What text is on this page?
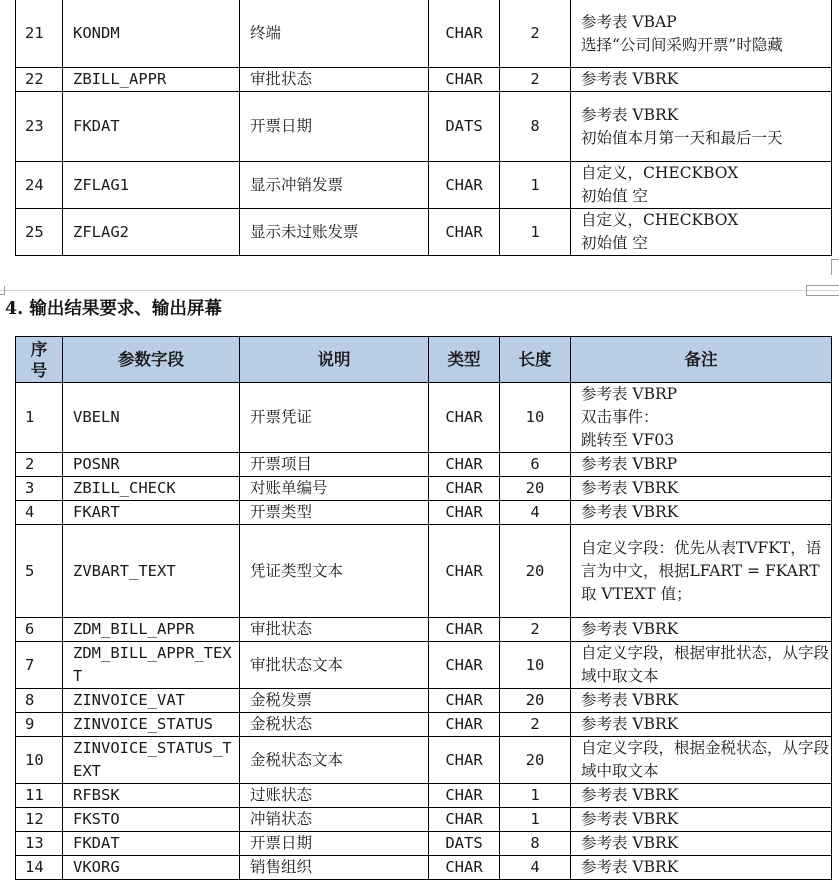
21	KONDM	终端	CHAR	2	参考表 VBAP
选择“公司间采购开票”时隐藏
22	ZBILL_APPR	审批状态	CHAR	2	参考表 VBRK
23	FKDAT	开票日期	DATS	8	参考表 VBRK
初始值本月第一天和最后一天
24	ZFLAG1	显示冲销发票	CHAR	1	自定义，CHECKBOX
初始值 空
25	ZFLAG2	显示未过账发票	CHAR	1	自定义，CHECKBOX
初始值 空
4. 输出结果要求、输出屏幕
序号	参数字段	说明	类型	长度	备注
1	VBELN	开票凭证	CHAR	10	参考表 VBRP
双击事件：
跳转至 VF03
2	POSNR	开票项目	CHAR	6	参考表 VBRP
3	ZBILL_CHECK	对账单编号	CHAR	20	参考表 VBRK
4	FKART	开票类型	CHAR	4	参考表 VBRK
5	ZVBART_TEXT	凭证类型文本	CHAR	20	自定义字段：优先从表TVFKT，语言为中文，根据LFART = FKART 取 VTEXT 值；
6	ZDM_BILL_APPR	审批状态	CHAR	2	参考表 VBRK
7	ZDM_BILL_APPR_TEXT	审批状态文本	CHAR	10	自定义字段，根据审批状态，从字段域中取文本
8	ZINVOICE_VAT	金税发票	CHAR	20	参考表 VBRK
9	ZINVOICE_STATUS	金税状态	CHAR	2	参考表 VBRK
10	ZINVOICE_STATUS_TEXT	金税状态文本	CHAR	20	自定义字段，根据金税状态，从字段域中取文本
11	RFBSK	过账状态	CHAR	1	参考表 VBRK
12	FKSTO	冲销状态	CHAR	1	参考表 VBRK
13	FKDAT	开票日期	DATS	8	参考表 VBRK
14	VKORG	销售组织	CHAR	4	参考表 VBRK
